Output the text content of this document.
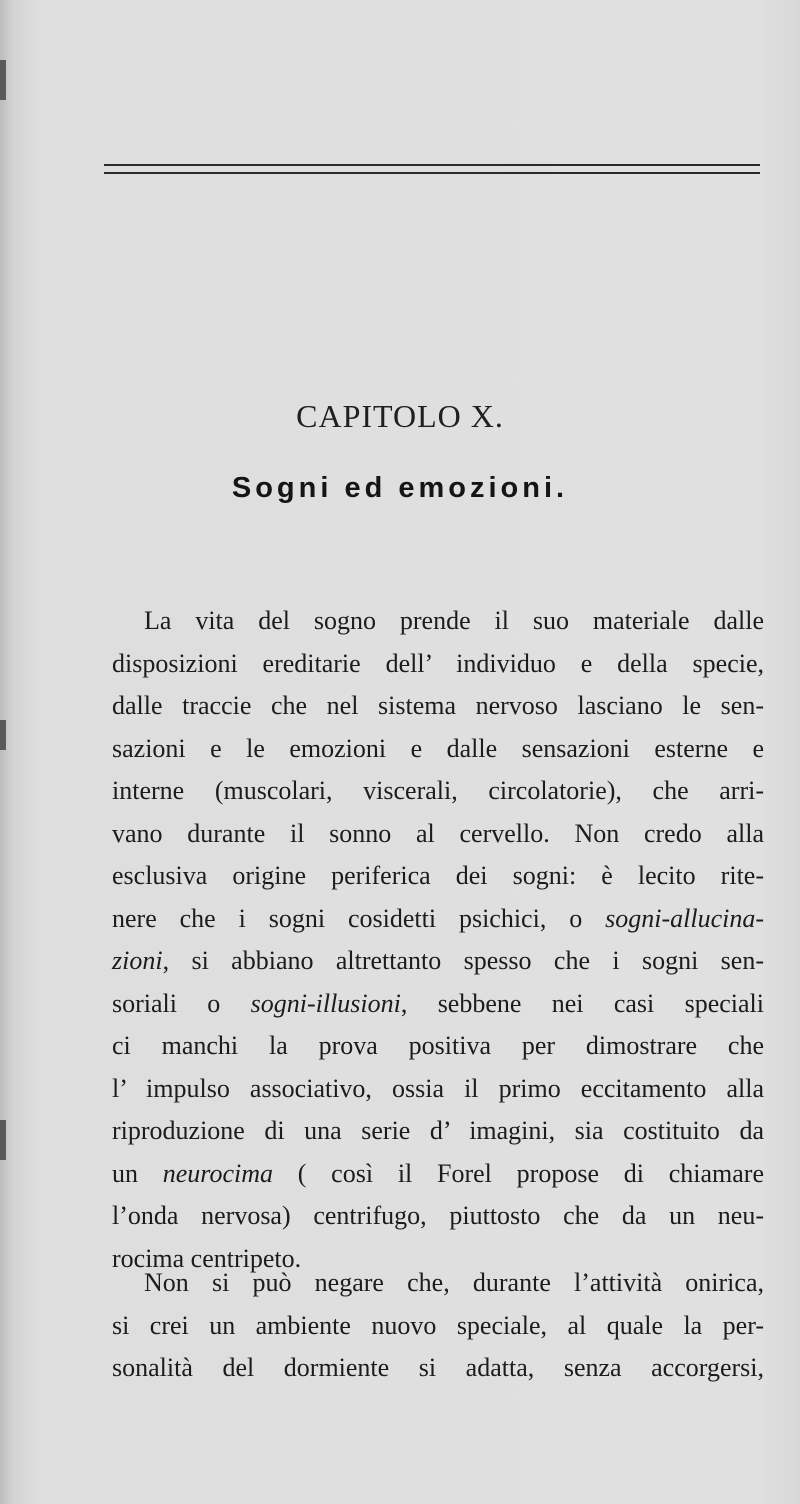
CAPITOLO X.
Sogni ed emozioni.
La vita del sogno prende il suo materiale dalle
disposizioni ereditarie dell’ individuo e della specie,
dalle traccie che nel sistema nervoso lasciano le sen-
sazioni e le emozioni e dalle sensazioni esterne e
interne (muscolari, viscerali, circolatorie), che arri-
vano durante il sonno al cervello. Non credo alla
esclusiva origine periferica dei sogni: è lecito rite-
nere che i sogni cosidetti psichici, o sogni-allucina-
zioni, si abbiano altrettanto spesso che i sogni sen-
soriali o sogni-illusioni, sebbene nei casi speciali
ci manchi la prova positiva per dimostrare che
l’ impulso associativo, ossia il primo eccitamento alla
riproduzione di una serie d’ imagini, sia costituito da
un neurocima ( così il Forel propose di chiamare
l’onda nervosa) centrifugo, piuttosto che da un neu-
rocima centripeto.
Non si può negare che, durante l’attività onirica,
si crei un ambiente nuovo speciale, al quale la per-
sonalità del dormiente si adatta, senza accorgersi,
